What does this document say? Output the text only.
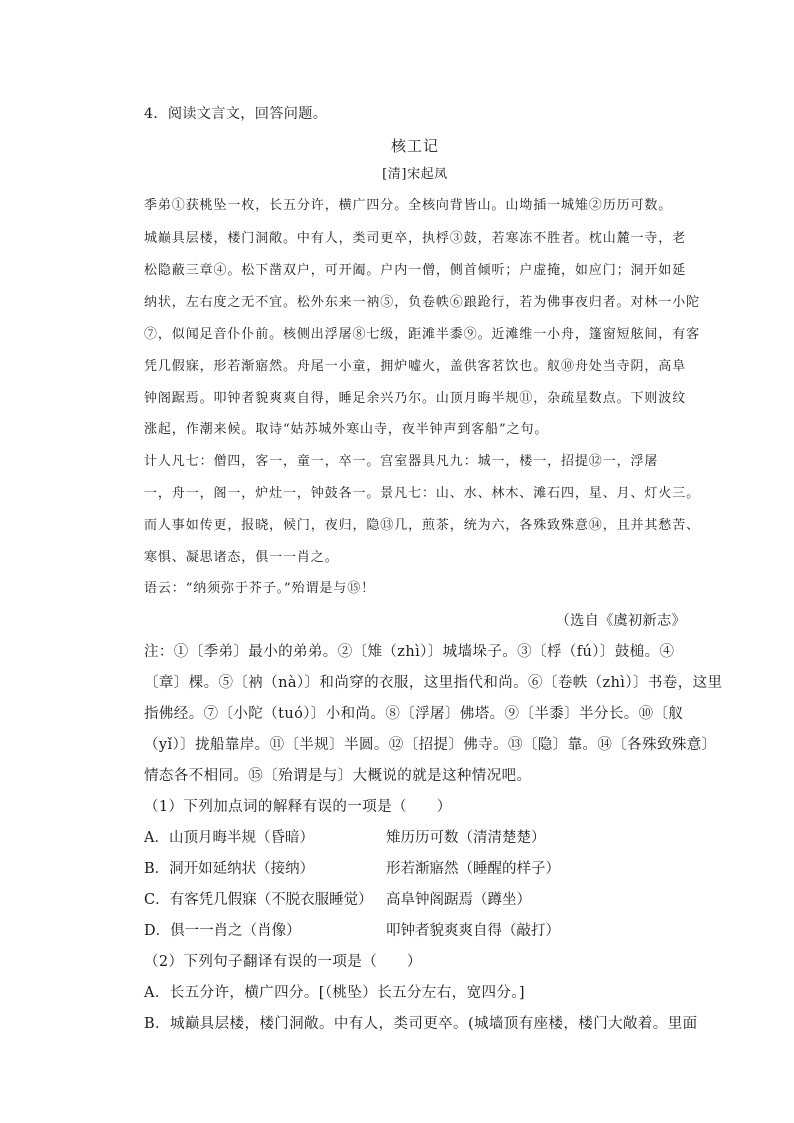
4．阅读文言文，回答问题。
核工记
[清]宋起凤
季弟①获桃坠一枚，长五分许，横广四分。全核向背皆山。山坳插一城雉②历历可数。
城巅具层楼，楼门洞敞。中有人，类司更卒，执桴③鼓，若寒冻不胜者。枕山麓一寺，老
松隐蔽三章④。松下凿双户，可开阖。户内一僧，侧首倾听；户虚掩，如应门；洞开如延
纳状，左右度之无不宜。松外东来一衲⑤，负卷帙⑥踉跄行，若为佛事夜归者。对林一小陀
⑦，似闻足音仆仆前。核侧出浮屠⑧七级，距滩半黍⑨。近滩维一小舟，篷窗短舷间，有客
凭几假寐，形若渐寤然。舟尾一小童，拥炉嘘火，盖供客茗饮也。舣⑩舟处当寺阴，高阜
钟阁踞焉。叩钟者貌爽爽自得，睡足余兴乃尔。山顶月晦半规⑪，杂疏星数点。下则波纹
涨起，作潮来候。取诗“姑苏城外寒山寺，夜半钟声到客船”之句。
计人凡七：僧四，客一，童一，卒一。宫室器具凡九：城一，楼一，招提⑫一，浮屠
一，舟一，阁一，炉灶一，钟鼓各一。景凡七：山、水、林木、滩石四，星、月、灯火三。
而人事如传更，报晓，候门，夜归，隐⑬几，煎茶，统为六，各殊致殊意⑭，且并其愁苦、
寒惧、凝思诸态，俱一一肖之。
语云：“纳须弥于芥子。”殆谓是与⑮！
（选自《虞初新志》
注：①〔季弟〕最小的弟弟。②〔雉（zhì）〕城墙垛子。③〔桴（fú）〕鼓槌。④
〔章〕棵。⑤〔衲（nà）〕和尚穿的衣服，这里指代和尚。⑥〔卷帙（zhì）〕书卷，这里
指佛经。⑦〔小陀（tuó）〕小和尚。⑧〔浮屠〕佛塔。⑨〔半黍〕半分长。⑩〔舣
（yǐ）〕拢船靠岸。⑪〔半规〕半圆。⑫〔招提〕佛寺。⑬〔隐〕靠。⑭〔各殊致殊意〕
情态各不相同。⑮〔殆谓是与〕大概说的就是这种情况吧。
（1）下列加点词的解释有误的一项是（　　）
A．山顶月晦半规（昏暗）	雉历历可数（清清楚楚）
B．洞开如延纳状（接纳）	形若渐寤然（睡醒的样子）
C．有客凭几假寐（不脱衣服睡觉） 高阜钟阁踞焉（蹲坐）
D．俱一一肖之（肖像）	叩钟者貌爽爽自得（敲打）
（2）下列句子翻译有误的一项是（　　）
A．长五分许，横广四分。[（桃坠）长五分左右，宽四分。]
B．城巅具层楼，楼门洞敞。中有人，类司更卒。(城墙顶有座楼，楼门大敞着。里面
